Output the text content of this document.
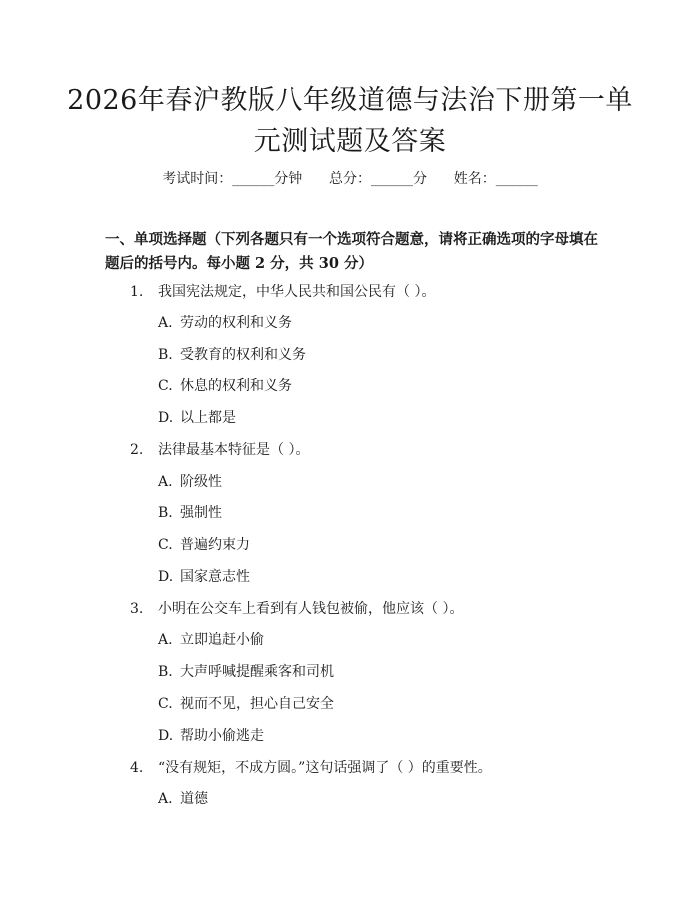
2026年春沪教版八年级道德与法治下册第一单元测试题及答案
考试时间：______分钟 总分：______分 姓名：______

一、单项选择题（下列各题只有一个选项符合题意，请将正确选项的字母填在题后的括号内。每小题 2 分，共 30 分）

1. 我国宪法规定，中华人民共和国公民有（ ）。
A. 劳动的权利和义务
B. 受教育的权利和义务
C. 休息的权利和义务
D. 以上都是
2. 法律最基本特征是（ ）。
A. 阶级性
B. 强制性
C. 普遍约束力
D. 国家意志性
3. 小明在公交车上看到有人钱包被偷，他应该（ ）。
A. 立即追赶小偷
B. 大声呼喊提醒乘客和司机
C. 视而不见，担心自己安全
D. 帮助小偷逃走
4. “没有规矩，不成方圆。”这句话强调了（ ）的重要性。
A. 道德
